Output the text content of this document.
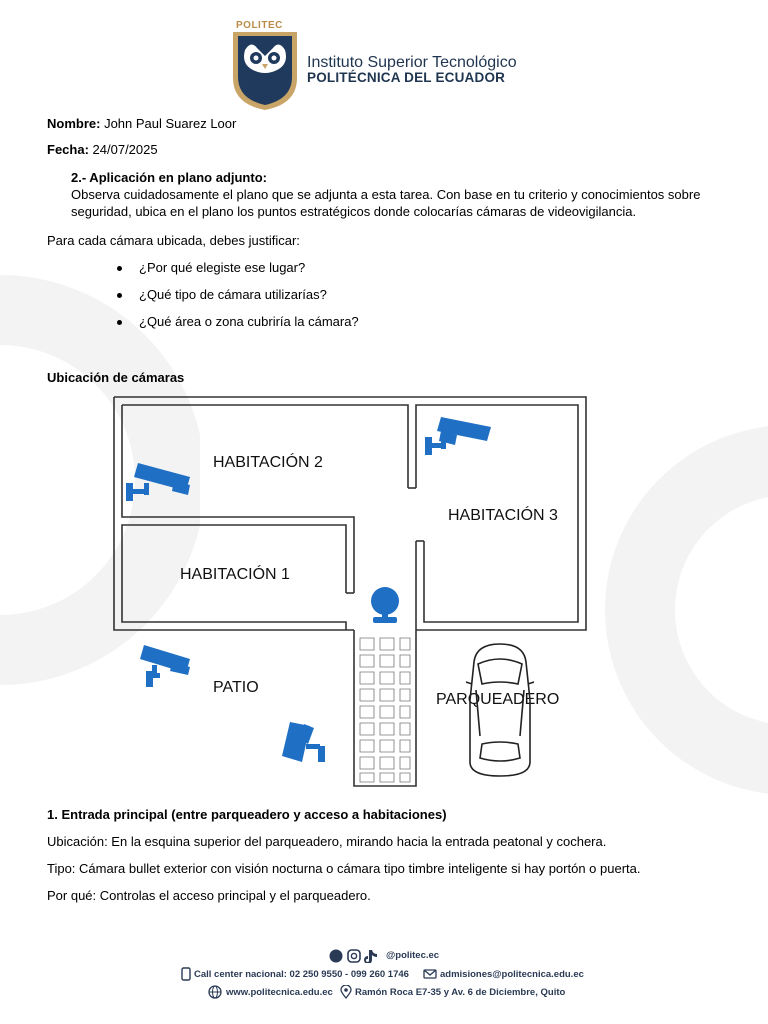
POLITEC
Instituto Superior Tecnológico
POLITÉCNICA DEL ECUADOR
Nombre: John Paul Suarez Loor
Fecha: 24/07/2025
2.- Aplicación en plano adjunto:
Observa cuidadosamente el plano que se adjunta a esta tarea. Con base en tu criterio y conocimientos sobre
seguridad, ubica en el plano los puntos estratégicos donde colocarías cámaras de videovigilancia.
Para cada cámara ubicada, debes justificar:
¿Por qué elegiste ese lugar?
¿Qué tipo de cámara utilizarías?
¿Qué área o zona cubriría la cámara?
Ubicación de cámaras
HABITACIÓN 2
HABITACIÓN 3
HABITACIÓN 1
PATIO
PARQUEADERO
1. Entrada principal (entre parqueadero y acceso a habitaciones)
Ubicación: En la esquina superior del parqueadero, mirando hacia la entrada peatonal y cochera.
Tipo: Cámara bullet exterior con visión nocturna o cámara tipo timbre inteligente si hay portón o puerta.
Por qué: Controlas el acceso principal y el parqueadero.
@politec.ec
Call center nacional: 02 250 9550 - 099 260 1746	admisiones@politecnica.edu.ec
www.politecnica.edu.ec Ramón Roca E7-35 y Av. 6 de Diciembre, Quito
